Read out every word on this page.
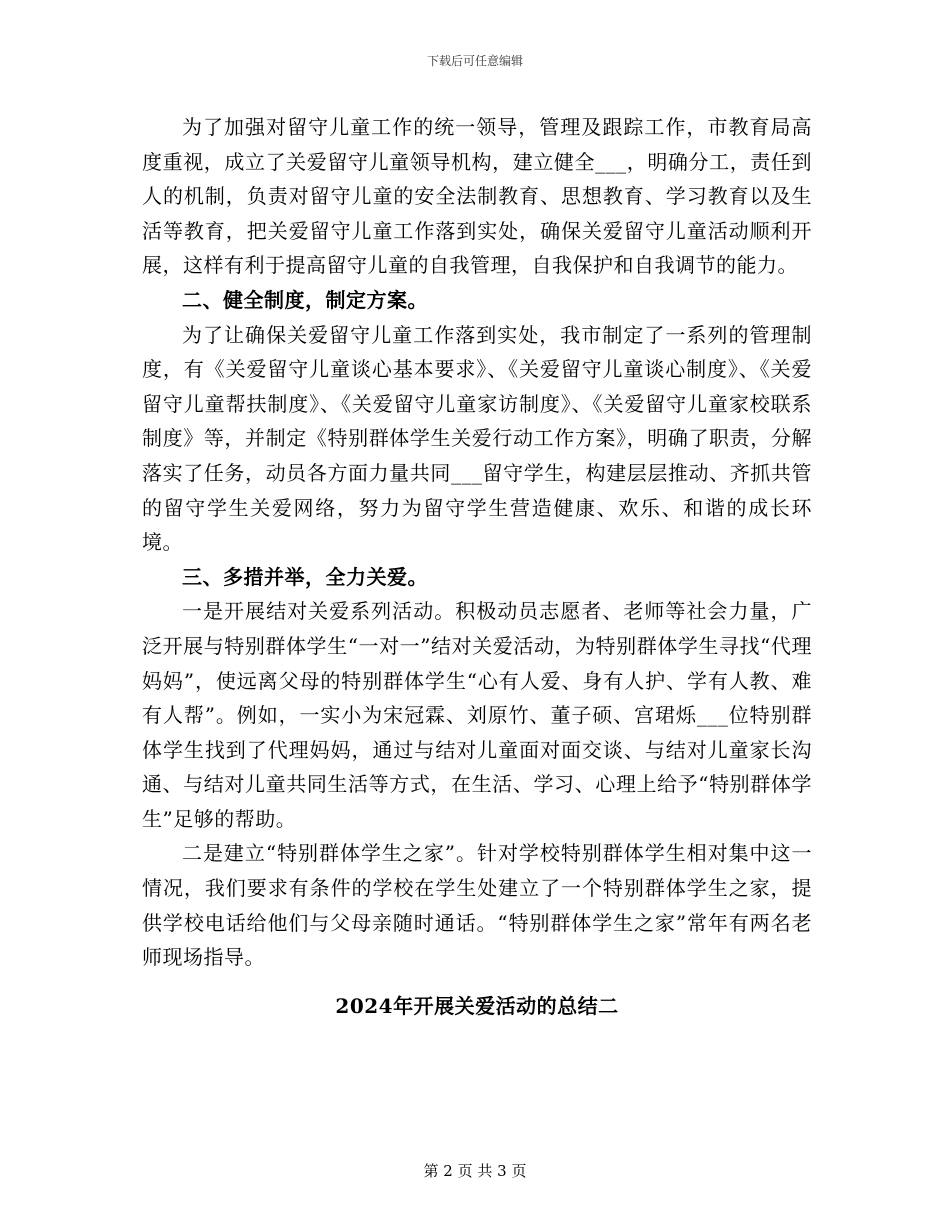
下载后可任意编辑

为了加强对留守儿童工作的统一领导，管理及跟踪工作，市教育局高度重视，成立了关爱留守儿童领导机构，建立健全___，明确分工，责任到人的机制，负责对留守儿童的安全法制教育、思想教育、学习教育以及生活等教育，把关爱留守儿童工作落到实处，确保关爱留守儿童活动顺利开展，这样有利于提高留守儿童的自我管理，自我保护和自我调节的能力。

二、健全制度，制定方案。

为了让确保关爱留守儿童工作落到实处，我市制定了一系列的管理制度，有《关爱留守儿童谈心基本要求》、《关爱留守儿童谈心制度》、《关爱留守儿童帮扶制度》、《关爱留守儿童家访制度》、《关爱留守儿童家校联系制度》等，并制定《特别群体学生关爱行动工作方案》，明确了职责，分解落实了任务，动员各方面力量共同___留守学生，构建层层推动、齐抓共管的留守学生关爱网络，努力为留守学生营造健康、欢乐、和谐的成长环境。

三、多措并举，全力关爱。

一是开展结对关爱系列活动。积极动员志愿者、老师等社会力量，广泛开展与特别群体学生“一对一”结对关爱活动，为特别群体学生寻找“代理妈妈”，使远离父母的特别群体学生“心有人爱、身有人护、学有人教、难有人帮”。例如，一实小为宋冠霖、刘原竹、董子硕、宫珺烁___位特别群体学生找到了代理妈妈，通过与结对儿童面对面交谈、与结对儿童家长沟通、与结对儿童共同生活等方式，在生活、学习、心理上给予“特别群体学生”足够的帮助。

二是建立“特别群体学生之家”。针对学校特别群体学生相对集中这一情况，我们要求有条件的学校在学生处建立了一个特别群体学生之家，提供学校电话给他们与父母亲随时通话。“特别群体学生之家”常年有两名老师现场指导。

2024年开展关爱活动的总结二

第 2 页 共 3 页
